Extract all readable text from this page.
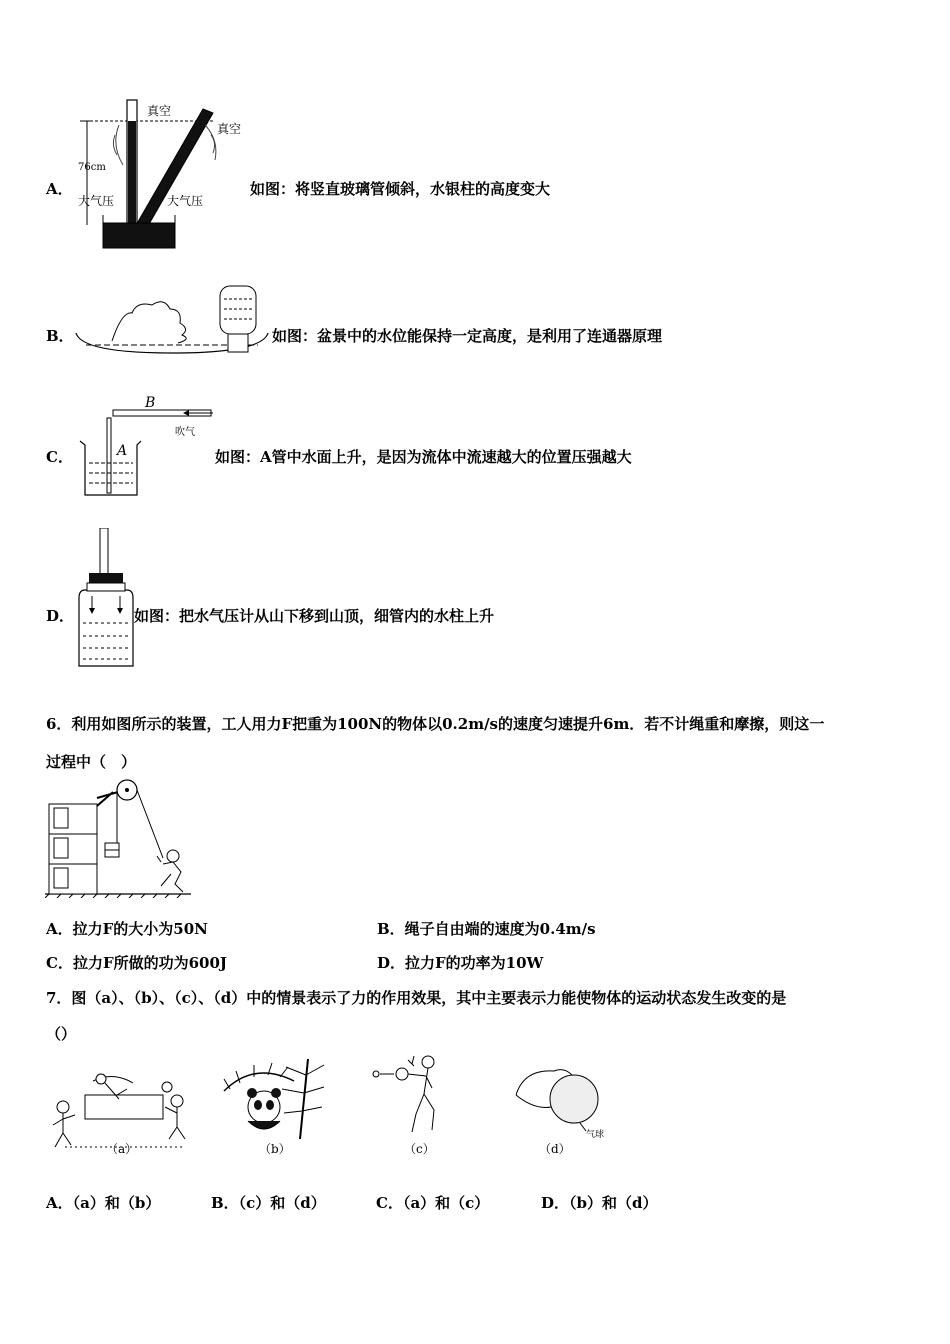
A．
真空
真空
76cm
大气压	大气压
如图：将竖直玻璃管倾斜，水银柱的高度变大
B．	如图：盆景中的水位能保持一定高度，是利用了连通器原理
C．
B
吹气
A	如图：A管中水面上升，是因为流体中流速越大的位置压强越大
D．	如图：把水气压计从山下移到山顶，细管内的水柱上升
6．利用如图所示的装置，工人用力F把重为100N的物体以0.2m/s的速度匀速提升6m．若不计绳重和摩擦，则这一
过程中（　）
A．拉力F的大小为50N	B．绳子自由端的速度为0.4m/s
C．拉力F所做的功为600J	D．拉力F的功率为10W
7．图（a）、（b）、（c）、（d）中的情景表示了力的作用效果，其中主要表示力能使物体的运动状态发生改变的是
（）
（a）	（b）	（c）
气球
（d）
A．（a）和（b）	B．（c）和（d）	C．（a）和（c）	D．（b）和（d）
